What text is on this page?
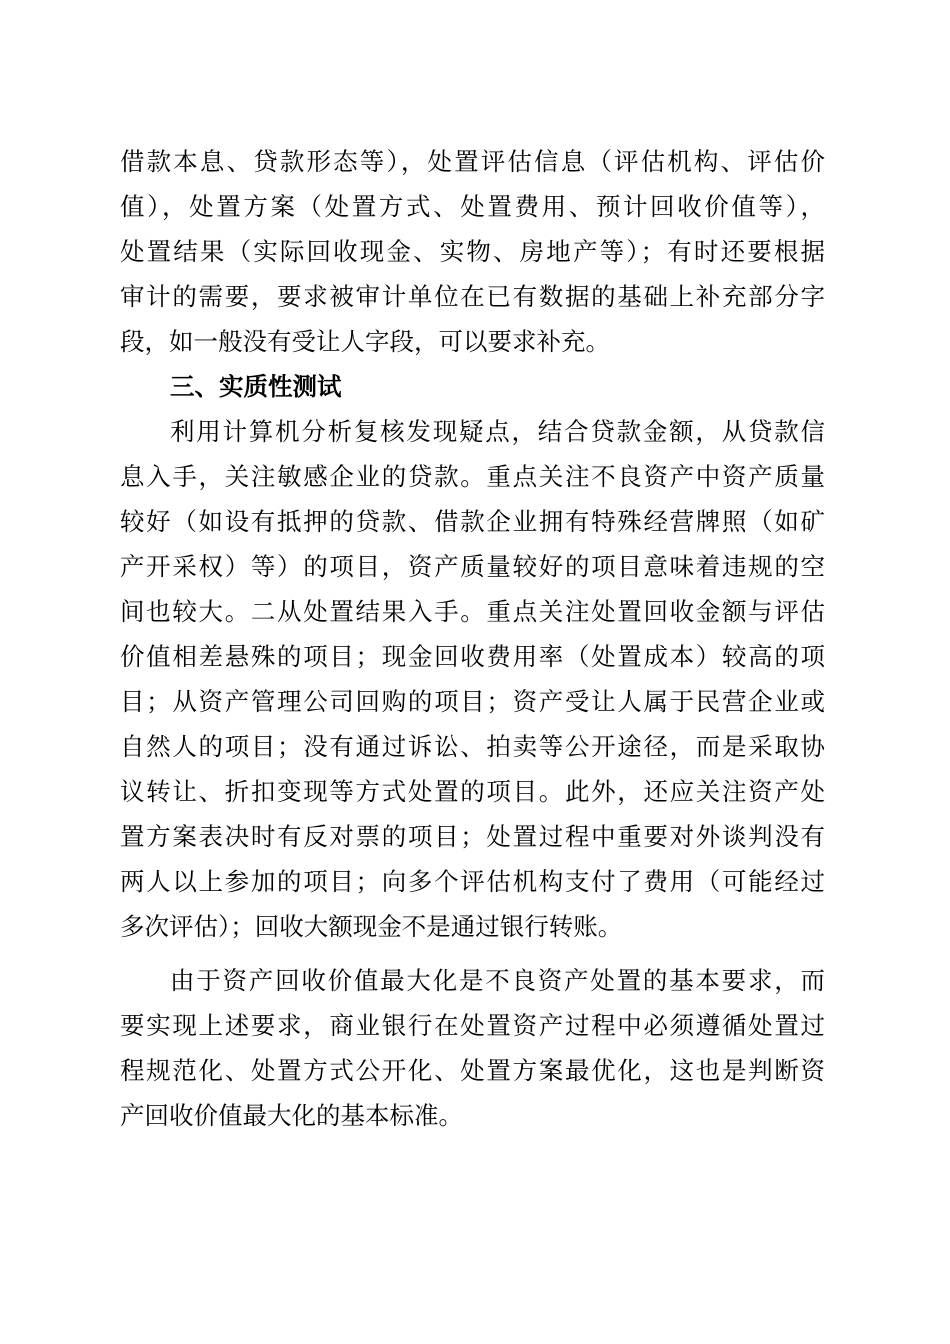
借款本息、贷款形态等），处置评估信息（评估机构、评估价
值），处置方案（处置方式、处置费用、预计回收价值等），
处置结果（实际回收现金、实物、房地产等）；有时还要根据
审计的需要，要求被审计单位在已有数据的基础上补充部分字
段，如一般没有受让人字段，可以要求补充。
三、实质性测试
利用计算机分析复核发现疑点，结合贷款金额，从贷款信
息入手，关注敏感企业的贷款。重点关注不良资产中资产质量
较好（如设有抵押的贷款、借款企业拥有特殊经营牌照（如矿
产开采权）等）的项目，资产质量较好的项目意味着违规的空
间也较大。二从处置结果入手。重点关注处置回收金额与评估
价值相差悬殊的项目；现金回收费用率（处置成本）较高的项
目；从资产管理公司回购的项目；资产受让人属于民营企业或
自然人的项目；没有通过诉讼、拍卖等公开途径，而是采取协
议转让、折扣变现等方式处置的项目。此外，还应关注资产处
置方案表决时有反对票的项目；处置过程中重要对外谈判没有
两人以上参加的项目；向多个评估机构支付了费用（可能经过
多次评估）；回收大额现金不是通过银行转账。
由于资产回收价值最大化是不良资产处置的基本要求，而
要实现上述要求，商业银行在处置资产过程中必须遵循处置过
程规范化、处置方式公开化、处置方案最优化，这也是判断资
产回收价值最大化的基本标准。
